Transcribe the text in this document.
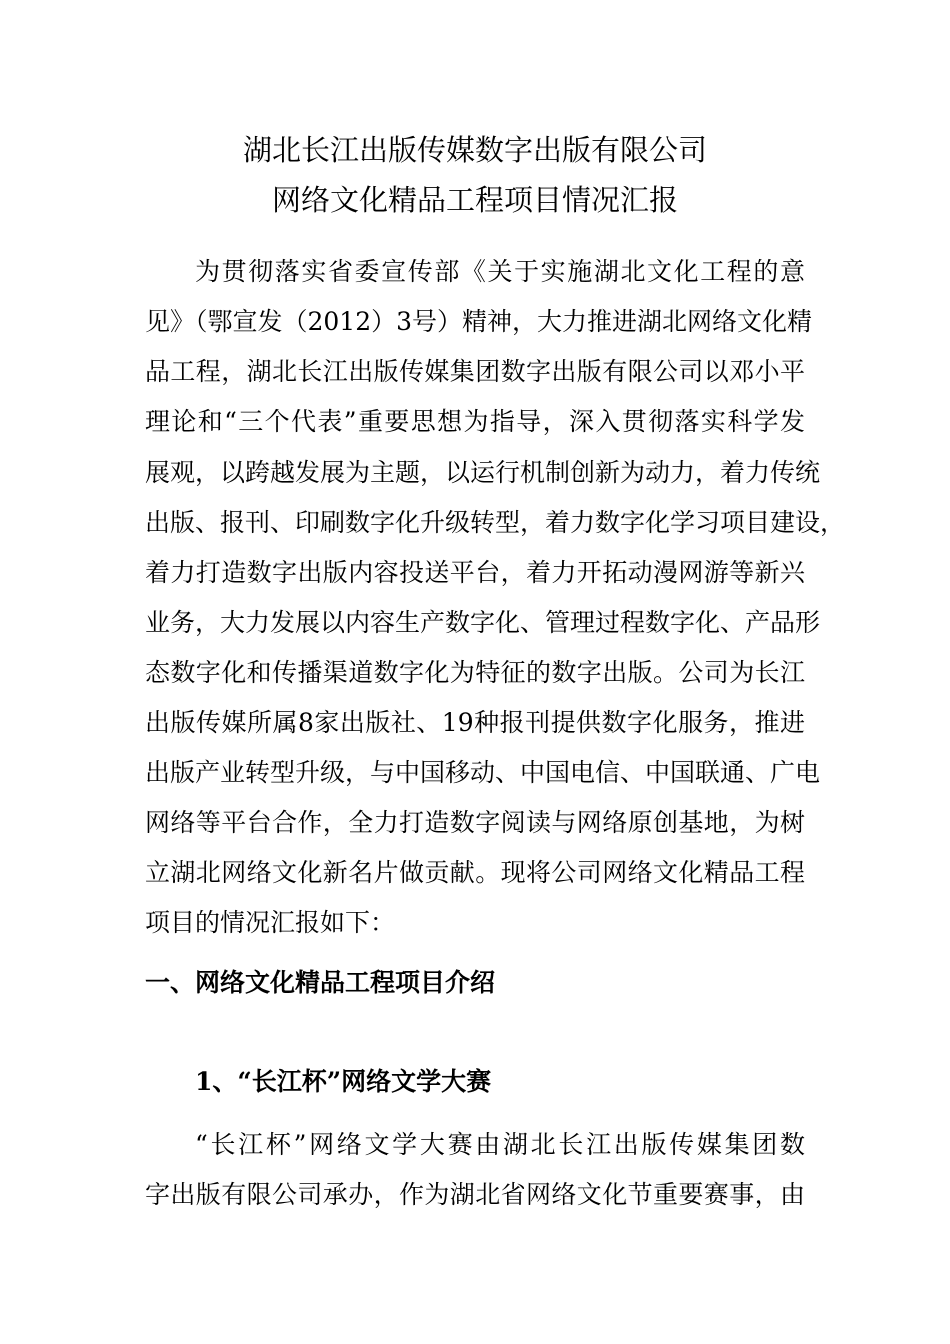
湖北长江出版传媒数字出版有限公司
网络文化精品工程项目情况汇报
为贯彻落实省委宣传部《关于实施湖北文化工程的意
见》（鄂宣发（2012）3号）精神，大力推进湖北网络文化精
品工程，湖北长江出版传媒集团数字出版有限公司以邓小平
理论和“三个代表”重要思想为指导，深入贯彻落实科学发
展观，以跨越发展为主题，以运行机制创新为动力，着力传统
出版、报刊、印刷数字化升级转型，着力数字化学习项目建设，
着力打造数字出版内容投送平台，着力开拓动漫网游等新兴
业务，大力发展以内容生产数字化、管理过程数字化、产品形
态数字化和传播渠道数字化为特征的数字出版。公司为长江
出版传媒所属8家出版社、19种报刊提供数字化服务，推进
出版产业转型升级，与中国移动、中国电信、中国联通、广电
网络等平台合作，全力打造数字阅读与网络原创基地，为树
立湖北网络文化新名片做贡献。现将公司网络文化精品工程
项目的情况汇报如下：
一、网络文化精品工程项目介绍
1、“长江杯”网络文学大赛
“长江杯”网络文学大赛由湖北长江出版传媒集团数
字出版有限公司承办，作为湖北省网络文化节重要赛事，由
